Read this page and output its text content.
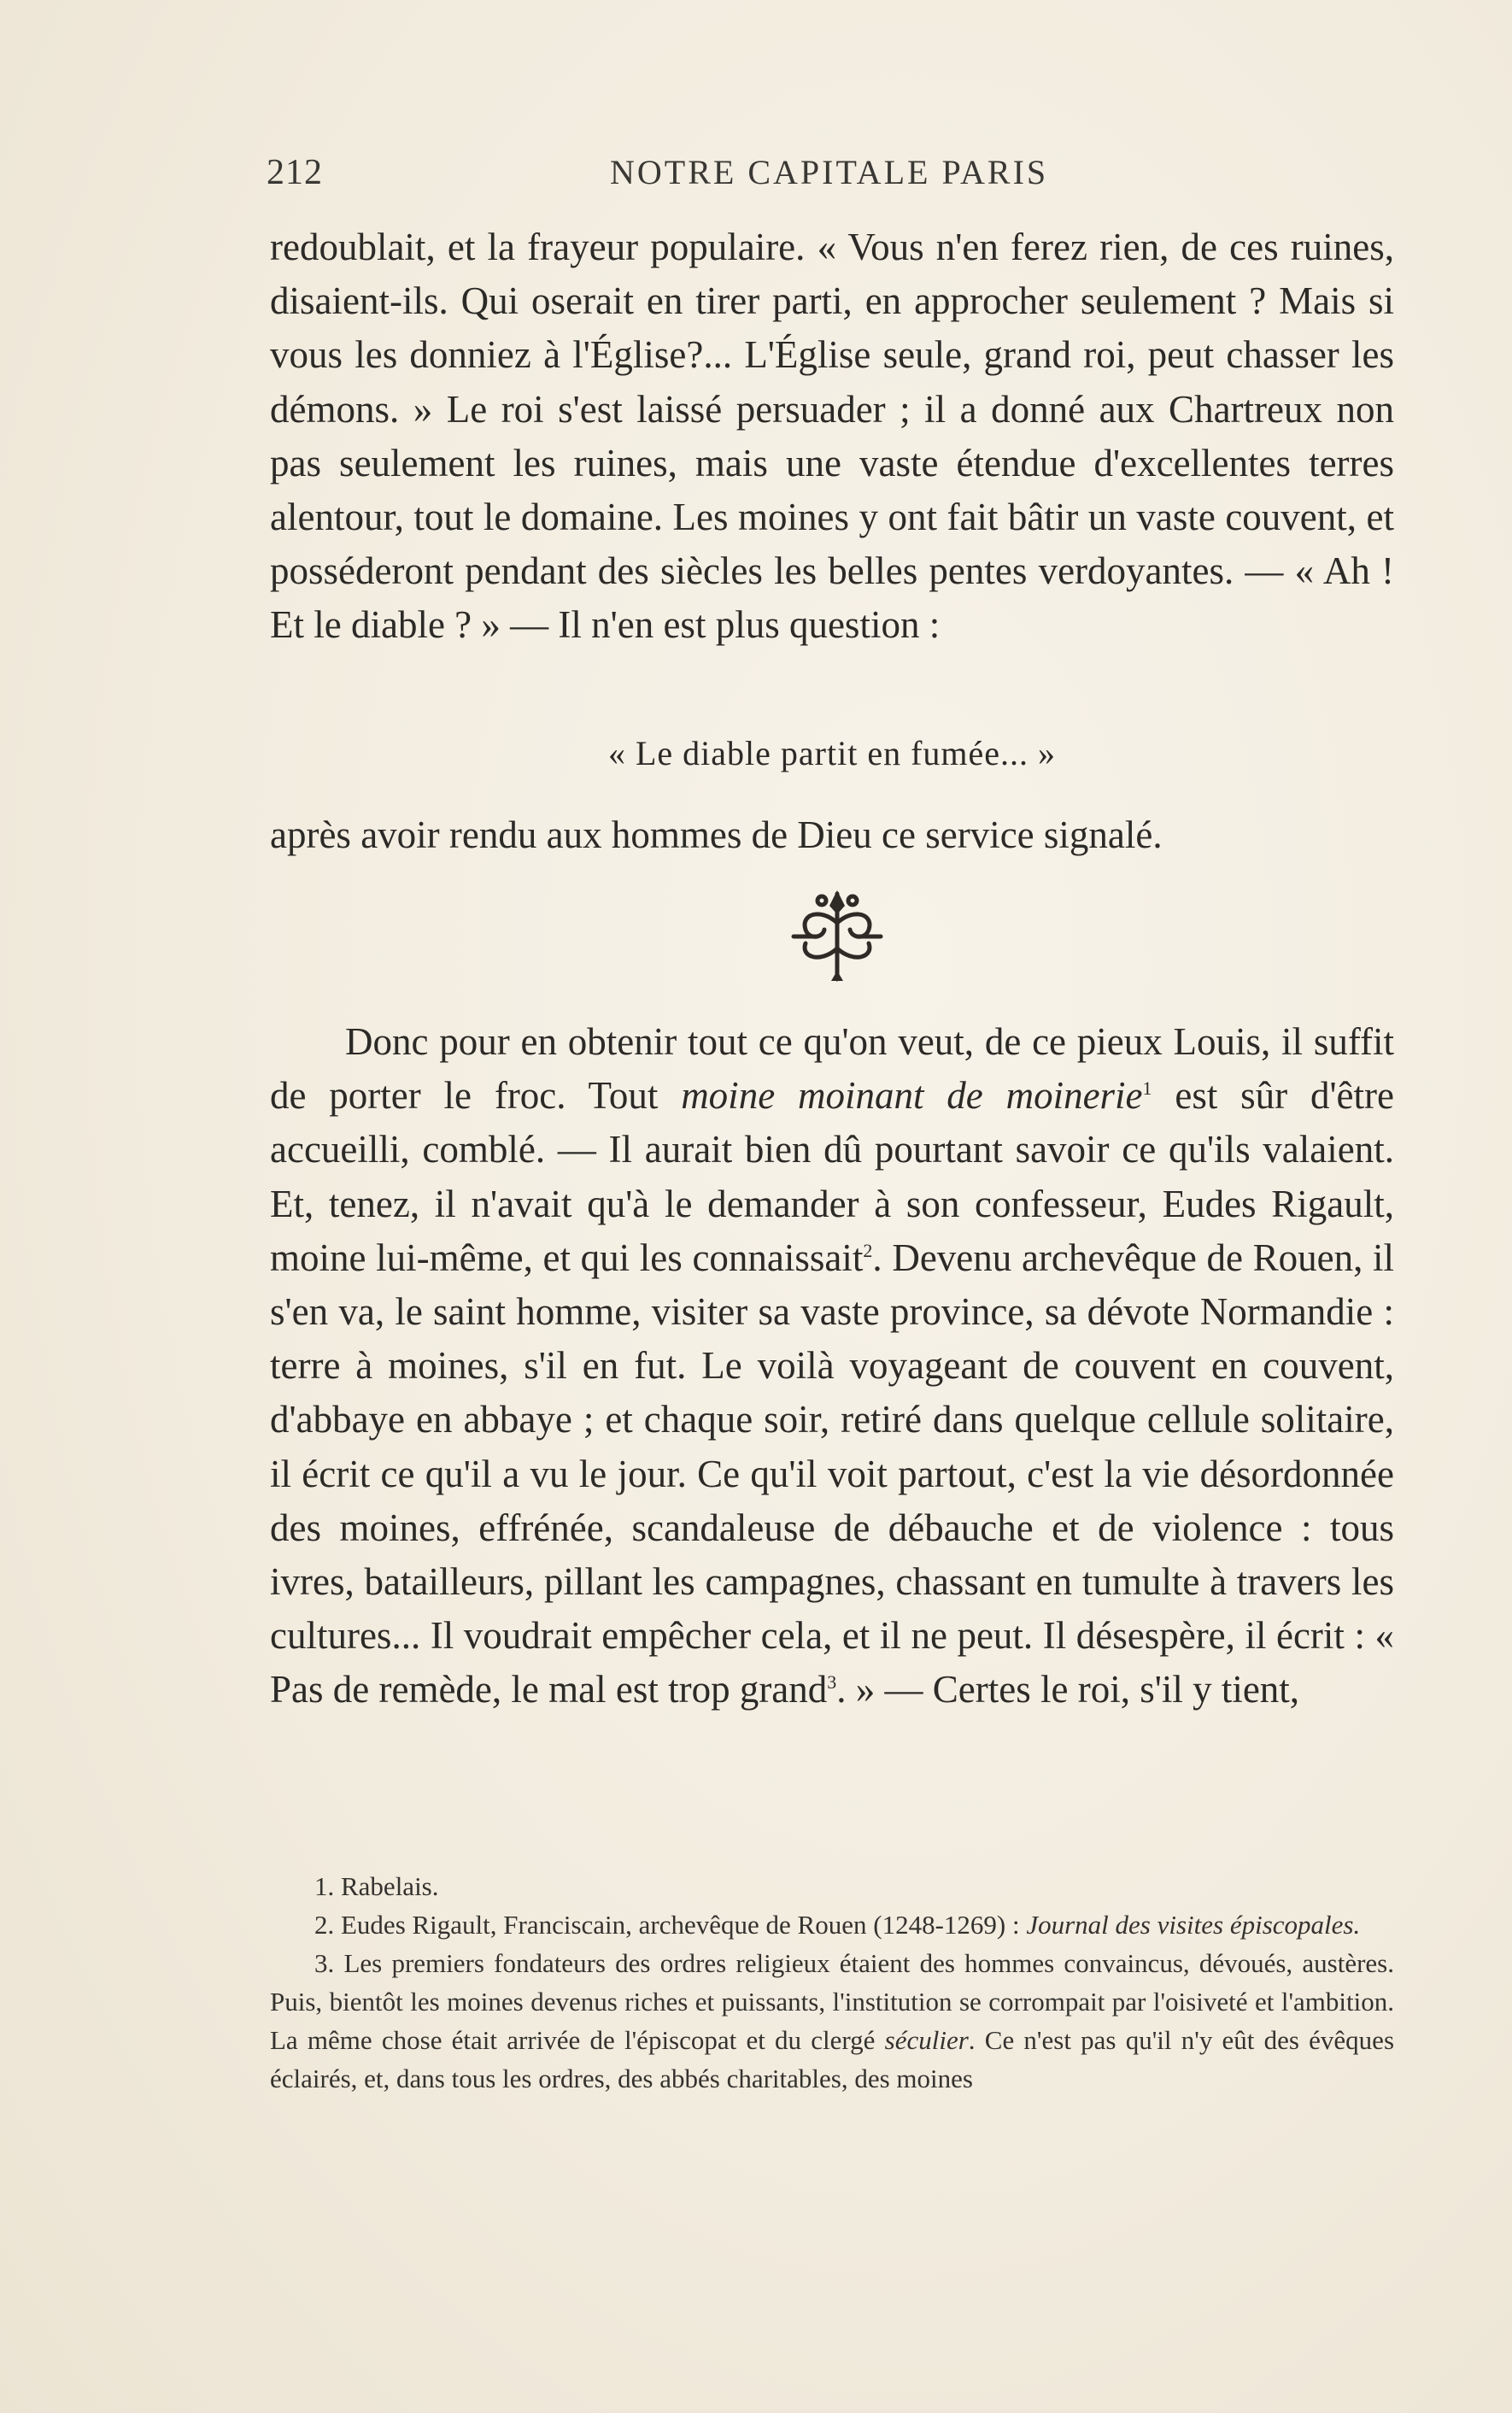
212	NOTRE CAPITALE PARIS

redoublait, et la frayeur populaire. « Vous n'en ferez rien, de ces ruines, disaient-ils. Qui oserait en tirer parti, en approcher seulement ? Mais si vous les donniez à l'Église?... L'Église seule, grand roi, peut chasser les démons. » Le roi s'est laissé persuader ; il a donné aux Chartreux non pas seulement les ruines, mais une vaste étendue d'excellentes terres alentour, tout le domaine. Les moines y ont fait bâtir un vaste couvent, et posséderont pendant des siècles les belles pentes verdoyantes. — « Ah ! Et le diable ? » — Il n'en est plus question :

« Le diable partit en fumée... »

après avoir rendu aux hommes de Dieu ce service signalé.

Donc pour en obtenir tout ce qu'on veut, de ce pieux Louis, il suffit de porter le froc. Tout moine moinant de moinerie$^1$ est sûr d'être accueilli, comblé. — Il aurait bien dû pourtant savoir ce qu'ils valaient. Et, tenez, il n'avait qu'à le demander à son confesseur, Eudes Rigault, moine lui-même, et qui les connaissait$^2$. Devenu archevêque de Rouen, il s'en va, le saint homme, visiter sa vaste province, sa dévote Normandie : terre à moines, s'il en fut. Le voilà voyageant de couvent en couvent, d'abbaye en abbaye ; et chaque soir, retiré dans quelque cellule solitaire, il écrit ce qu'il a vu le jour. Ce qu'il voit partout, c'est la vie désordonnée des moines, effrénée, scandaleuse de débauche et de violence : tous ivres, batailleurs, pillant les campagnes, chassant en tumulte à travers les cultures... Il voudrait empêcher cela, et il ne peut. Il désespère, il écrit : « Pas de remède, le mal est trop grand$^3$. » — Certes le roi, s'il y tient,

1. Rabelais.

2. Eudes Rigault, Franciscain, archevêque de Rouen (1248-1269) : Journal des visites épiscopales.

3. Les premiers fondateurs des ordres religieux étaient des hommes convaincus, dévoués, austères. Puis, bientôt les moines devenus riches et puissants, l'institution se corrompait par l'oisiveté et l'ambition. La même chose était arrivée de l'épiscopat et du clergé séculier. Ce n'est pas qu'il n'y eût des évêques éclairés, et, dans tous les ordres, des abbés charitables, des moines
